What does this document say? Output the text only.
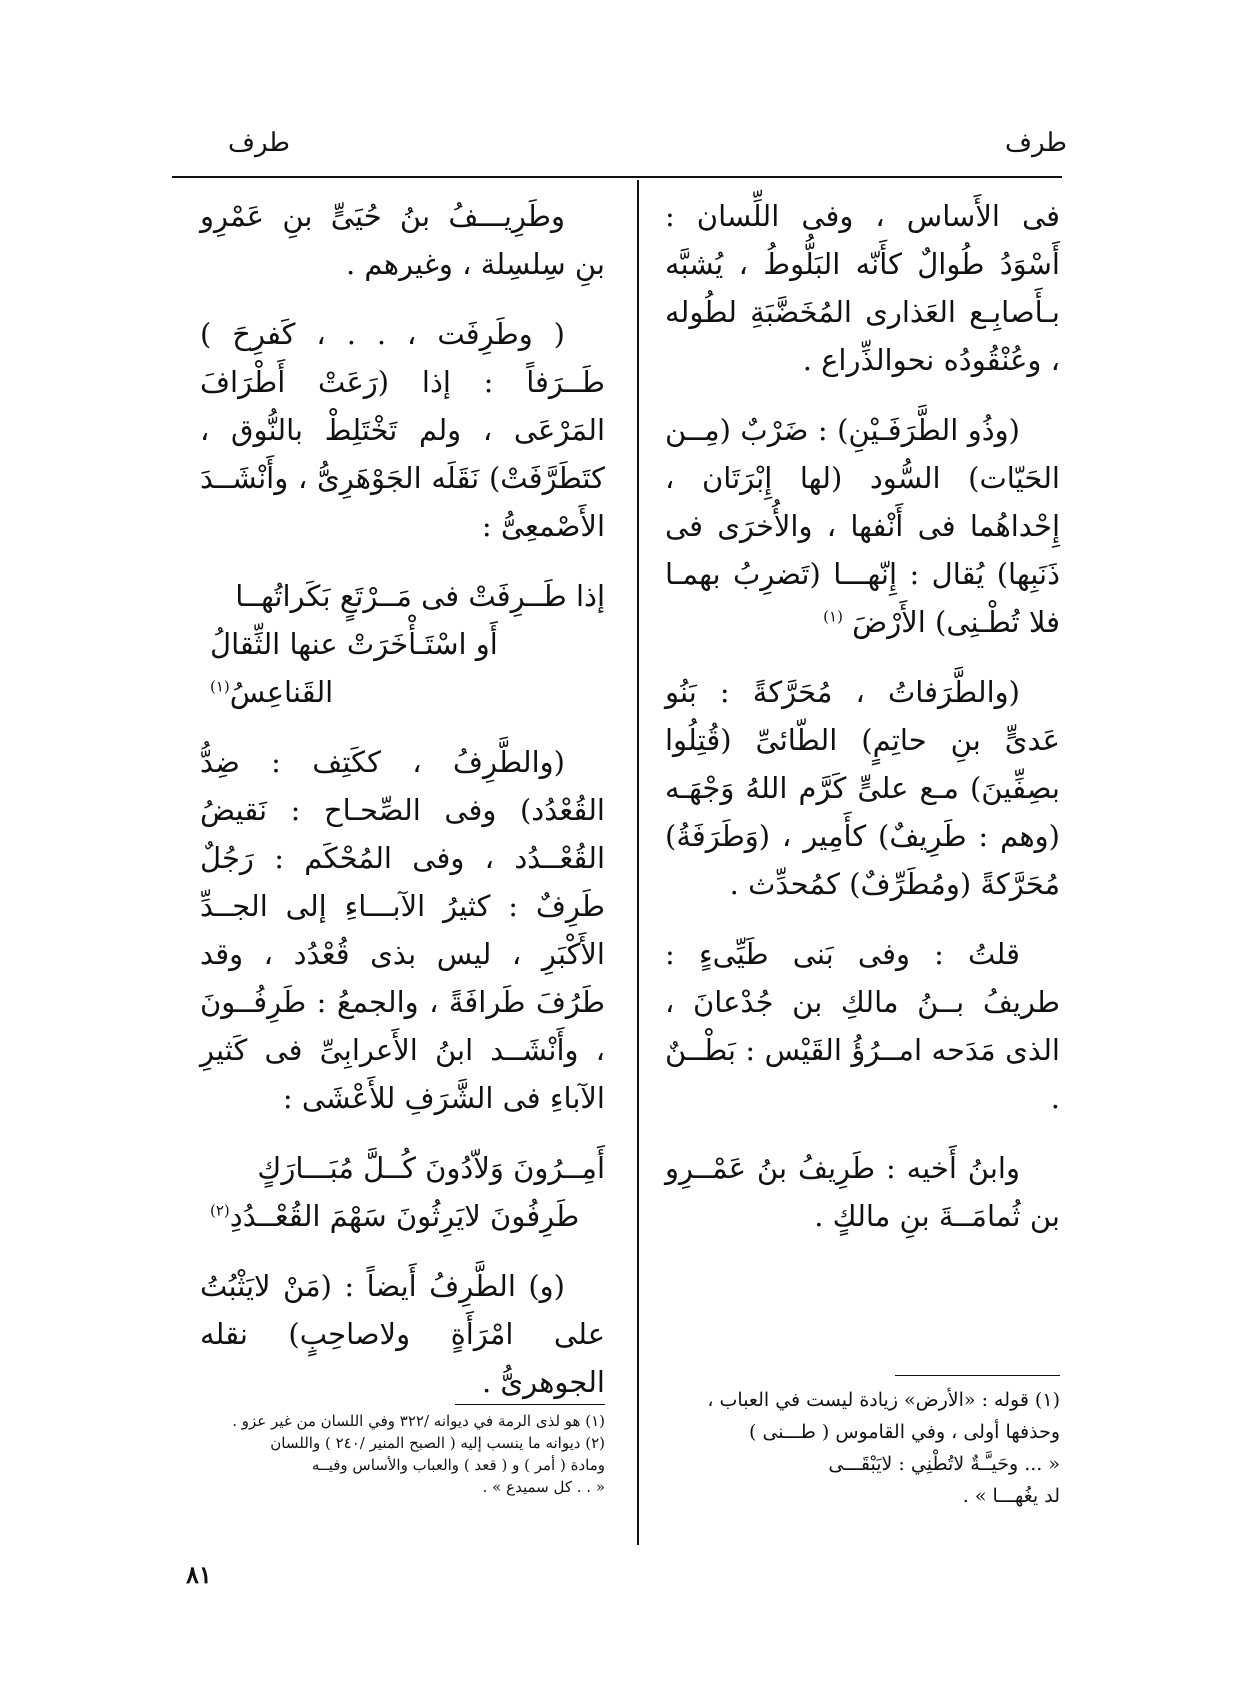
طرف
طرف

فى الأَساس ، وفى اللِّسان : أَسْوَدُ طُوالٌ كأَنّه البَلُّوطُ ، يُشبَّه بـأَصابِـع العَذارى المُخَضَّبَةِ لطُوله ، وعُنْقُودُه نحوالذِّراع .

(وذُو الطَّرَفَـيْنِ) : ضَرْبٌ (مِــن الحَيّات) السُّود (لها إِبْرَتَان ، إِحْداهُما فى أَنْفها ، والأُخرَى فى ذَنَبِها) يُقال : إِنّهـــا (تَضرِبُ بهمـا فلا تُطْـنِى) الأَرْضَ $^{(١)}$

(والطَّرَفاتُ ، مُحَرَّكةً : بَنُو عَدىٍّ بنِ حاتِمٍ) الطّائىِّ (قُتِلُوا بصِفِّينَ) مـع علىٍّ كَرَّم اللهُ وَجْهَـه (وهم : طَرِيفٌ) كأَمِير ، (وَطَرَفَةُ) مُحَرَّكةً (ومُطَرِّفٌ) كمُحدِّث .

قلتُ : وفى بَنى طَيِّىءٍ : طريفُ بــنُ مالكِ بن جُدْعانَ ، الذى مَدَحه امــرُؤُ القَيْس : بَطْــنٌ .

وابنُ أَخيه : طَرِيفُ بنُ عَمْــرِو بن ثُمامَــةَ بنِ مالكٍ .

وطَرِيـــفُ بنُ حُيَىٍّ بنِ عَمْرِو بنِ سِلسِلة ، وغيرهم .

( وطَرِفَت ، . . ، كَفرِحَ ) طَــرَفاً : إذا (رَعَتْ أَطْرَافَ المَرْعَى ، ولم تَخْتَلِطْ بالنُّوق ، كتَطَرَّفَتْ) نَقَلَه الجَوْهَرِىُّ ، وأَنْشَــدَ الأَصْمعِىُّ :

إذا طَــرِفَتْ فى مَــرْتَعٍ بَكَراتُهــا
أَو اسْتَـأْخَرَتْ عنها الثِّقالُ القَناعِسُ$^{(١)}$

(والطَّرِفُ ، ككَتِف : ضِدُّ القُعْدُد) وفى الصِّحـاح : نَقيضُ القُعْــدُد ، وفى المُحْكَم : رَجُلٌ طَرِفٌ : كثيرُ الآبـــاءِ إلى الجــدِّ الأَكْبَرِ ، ليس بذى قُعْدُد ، وقد طَرُفَ طَرافَةً ، والجمعُ : طَرِفُــونَ ، وأَنْشَــد ابنُ الأَعرابِىِّ فى كَثيرِ الآباءِ فى الشَّرَفِ للأَعْشَى :

أَمِــرُونَ وَلاّدُونَ كُــلَّ مُبَـــارَكٍ
طَرِفُونَ لايَرِثُونَ سَهْمَ القُعْــدُدِ$^{(٢)}$

(و) الطَّرِفُ أَيضاً : (مَنْ لايَثْبُتُ على امْرَأَةٍ ولاصاحِبٍ) نقله الجوهرىُّ .

(١) قوله : «الأرض» زيادة ليست في العباب ،
وحذفها أولى ، وفي القاموس ( طـــنى )
« ... وحَيـَّـةٌ لاتُطْنِي : لايَبْقَـــى
لد يغُهـــا » .
(١) هو لذى الرمة في ديوانه /٣٢٢ وفي اللسان من غير عزو .
(٢) ديوانه ما ينسب إليه ( الصبح المنير /٢٤٠ ) واللسان
ومادة ( أمر ) و ( قعد ) والعباب والأساس وفيــه
« . . كل سميدع » .
٨١
